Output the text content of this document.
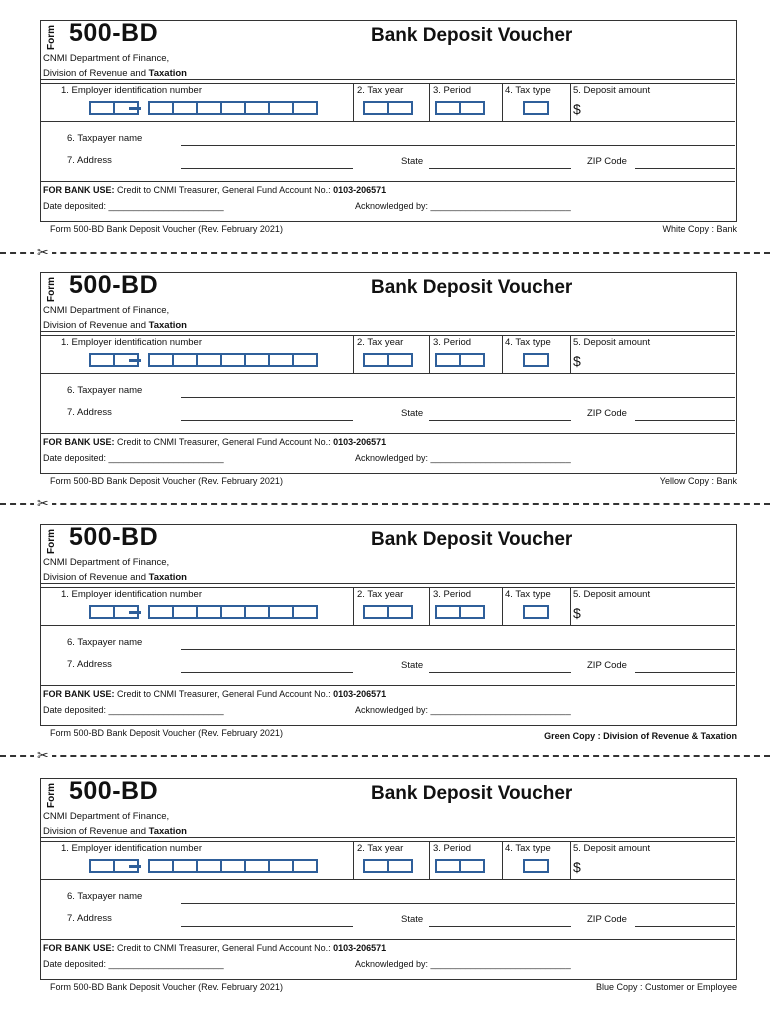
Form 500-BD	Bank Deposit Voucher
CNMI Department of Finance,
Division of Revenue and Taxation
1. Employer identification number	2. Tax year	3. Period	4. Tax type 5. Deposit amount
$
6. Taxpayer name
7. Address	State	ZIP Code
FOR BANK USE: Credit to CNMI Treasurer, General Fund Account No.: 0103-206571
Date deposited: _______________________	Acknowledged by: ____________________________
Form 500-BD Bank Deposit Voucher (Rev. February 2021)	White Copy : Bank
Form 500-BD	Bank Deposit Voucher
CNMI Department of Finance,
Division of Revenue and Taxation
1. Employer identification number	2. Tax year	3. Period	4. Tax type 5. Deposit amount
$
6. Taxpayer name
7. Address	State	ZIP Code
FOR BANK USE: Credit to CNMI Treasurer, General Fund Account No.: 0103-206571
Date deposited: _______________________	Acknowledged by: ____________________________
Form 500-BD Bank Deposit Voucher (Rev. February 2021)	Yellow Copy : Bank
Form 500-BD	Bank Deposit Voucher
CNMI Department of Finance,
Division of Revenue and Taxation
1. Employer identification number	2. Tax year	3. Period	4. Tax type 5. Deposit amount
$
6. Taxpayer name
7. Address	State	ZIP Code
FOR BANK USE: Credit to CNMI Treasurer, General Fund Account No.: 0103-206571
Date deposited: _______________________	Acknowledged by: ____________________________
Form 500-BD Bank Deposit Voucher (Rev. February 2021)	Green Copy : Division of Revenue & Taxation
Form 500-BD	Bank Deposit Voucher
CNMI Department of Finance,
Division of Revenue and Taxation
1. Employer identification number	2. Tax year	3. Period	4. Tax type 5. Deposit amount
$
6. Taxpayer name
7. Address	State	ZIP Code
FOR BANK USE: Credit to CNMI Treasurer, General Fund Account No.: 0103-206571
Date deposited: _______________________	Acknowledged by: ____________________________
Form 500-BD Bank Deposit Voucher (Rev. February 2021)	Blue Copy : Customer or Employee
✂
✂
✂
